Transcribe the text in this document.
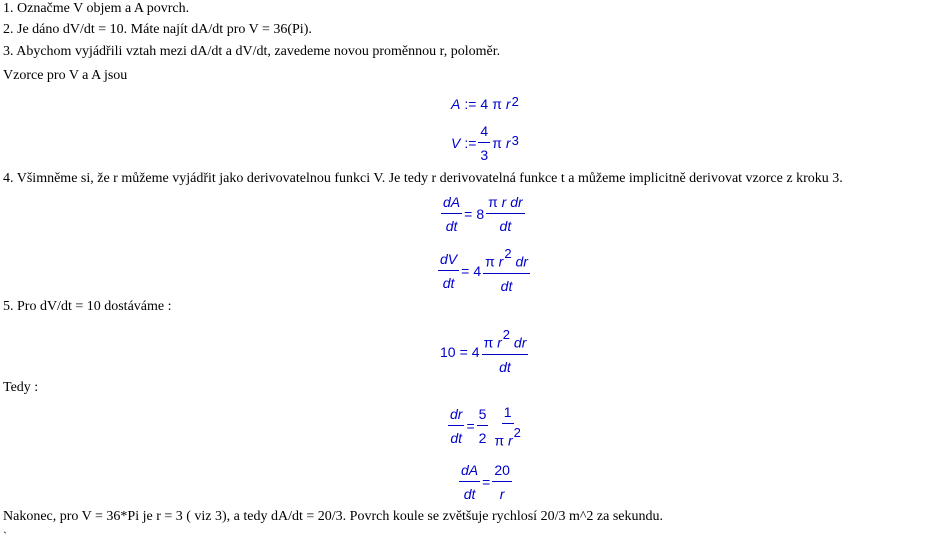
1. Označme V objem a A povrch.
2. Je dáno dV/dt = 10. Máte najít dA/dt pro V = 36(Pi).
3. Abychom vyjádřili vztah mezi dA/dt a dV/dt, zavedeme novou proměnnou r, poloměr.
Vzorce pro V a A jsou
A := 4 π $r^2$
V := $\frac{4}{3}$ π $r^3$
4. Všimněme si, že r můžeme vyjádřit jako derivovatelnou funkci V. Je tedy r derivovatelná funkce t a můžeme implicitně derivovat vzorce z kroku 3.
$\frac{dA}{dt} = 8 \frac{\text{π r dr}}{dt}$
$\frac{dV}{dt} = 4 \frac{\pi r^2 dr}{dt}$
5. Pro dV/dt = 10 dostáváme :
$10 = 4 \frac{\pi r^2 dr}{dt}$
Tedy :
$\frac{dr}{dt} = \frac{5}{2} \frac{1}{\pi r^2}$
$\frac{dA}{dt} = \frac{20}{r}$
Nakonec, pro V = 36*Pi je r = 3 ( viz 3), a tedy dA/dt = 20/3. Povrch koule se zvětšuje rychlosí 20/3 m^2 za sekundu.
`
